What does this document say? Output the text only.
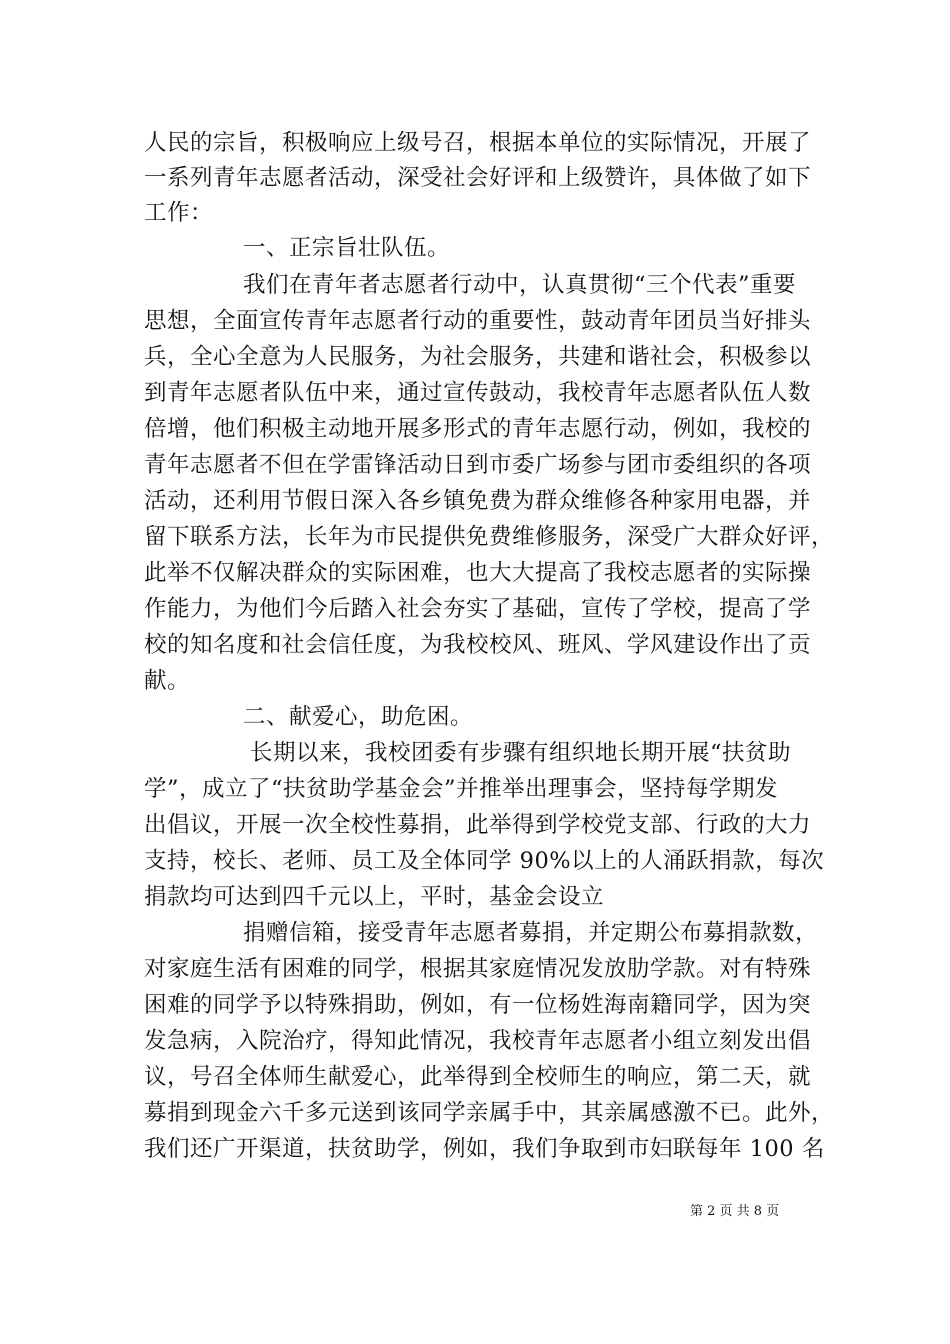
人民的宗旨，积极响应上级号召，根据本单位的实际情况，开展了
一系列青年志愿者活动，深受社会好评和上级赞许，具体做了如下
工作：
一、正宗旨壮队伍。
我们在青年者志愿者行动中，认真贯彻“三个代表”重要
思想，全面宣传青年志愿者行动的重要性，鼓动青年团员当好排头
兵，全心全意为人民服务，为社会服务，共建和谐社会，积极参以
到青年志愿者队伍中来，通过宣传鼓动，我校青年志愿者队伍人数
倍增，他们积极主动地开展多形式的青年志愿行动，例如，我校的
青年志愿者不但在学雷锋活动日到市委广场参与团市委组织的各项
活动，还利用节假日深入各乡镇免费为群众维修各种家用电器，并
留下联系方法，长年为市民提供免费维修服务，深受广大群众好评，
此举不仅解决群众的实际困难，也大大提高了我校志愿者的实际操
作能力，为他们今后踏入社会夯实了基础，宣传了学校，提高了学
校的知名度和社会信任度，为我校校风、班风、学风建设作出了贡
献。
二、献爱心，助危困。
长期以来，我校团委有步骤有组织地长期开展“扶贫助
学”，成立了“扶贫助学基金会”并推举出理事会，坚持每学期发
出倡议，开展一次全校性募捐，此举得到学校党支部、行政的大力
支持，校长、老师、员工及全体同学 90%以上的人涌跃捐款，每次
捐款均可达到四千元以上，平时，基金会设立
捐赠信箱，接受青年志愿者募捐，并定期公布募捐款数，
对家庭生活有困难的同学，根据其家庭情况发放肋学款。对有特殊
困难的同学予以特殊捐助，例如，有一位杨姓海南籍同学，因为突
发急病，入院治疗，得知此情况，我校青年志愿者小组立刻发出倡
议，号召全体师生献爱心，此举得到全校师生的响应，第二天，就
募捐到现金六千多元送到该同学亲属手中，其亲属感激不已。此外，
我们还广开渠道，扶贫助学，例如，我们争取到市妇联每年 100 名
第 2 页 共 8 页
